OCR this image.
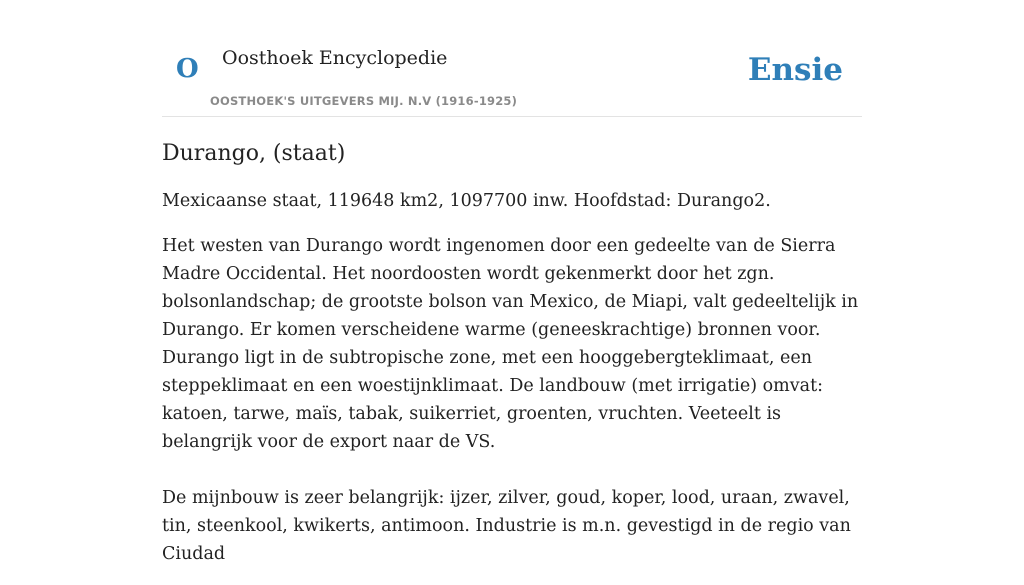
O Oosthoek Encyclopedie
OOSTHOEK'S UITGEVERS MIJ. N.V (1916-1925)
Ensie
Durango, (staat)

Mexicaanse staat, 119648 km2, 1097700 inw. Hoofdstad: Durango2.

Het westen van Durango wordt ingenomen door een gedeelte van de Sierra Madre Occidental. Het noordoosten wordt gekenmerkt door het zgn. bolsonlandschap; de grootste bolson van Mexico, de Miapi, valt gedeeltelijk in Durango. Er komen verscheidene warme (geneeskrachtige) bronnen voor. Durango ligt in de subtropische zone, met een hooggebergteklimaat, een steppeklimaat en een woestijnklimaat. De landbouw (met irrigatie) omvat: katoen, tarwe, maïs, tabak, suikerriet, groenten, vruchten. Veeteelt is belangrijk voor de export naar de VS.

De mijnbouw is zeer belangrijk: ijzer, zilver, goud, koper, lood, uraan, zwavel, tin, steenkool, kwikerts, antimoon. Industrie is m.n. gevestigd in de regio van Ciudad
